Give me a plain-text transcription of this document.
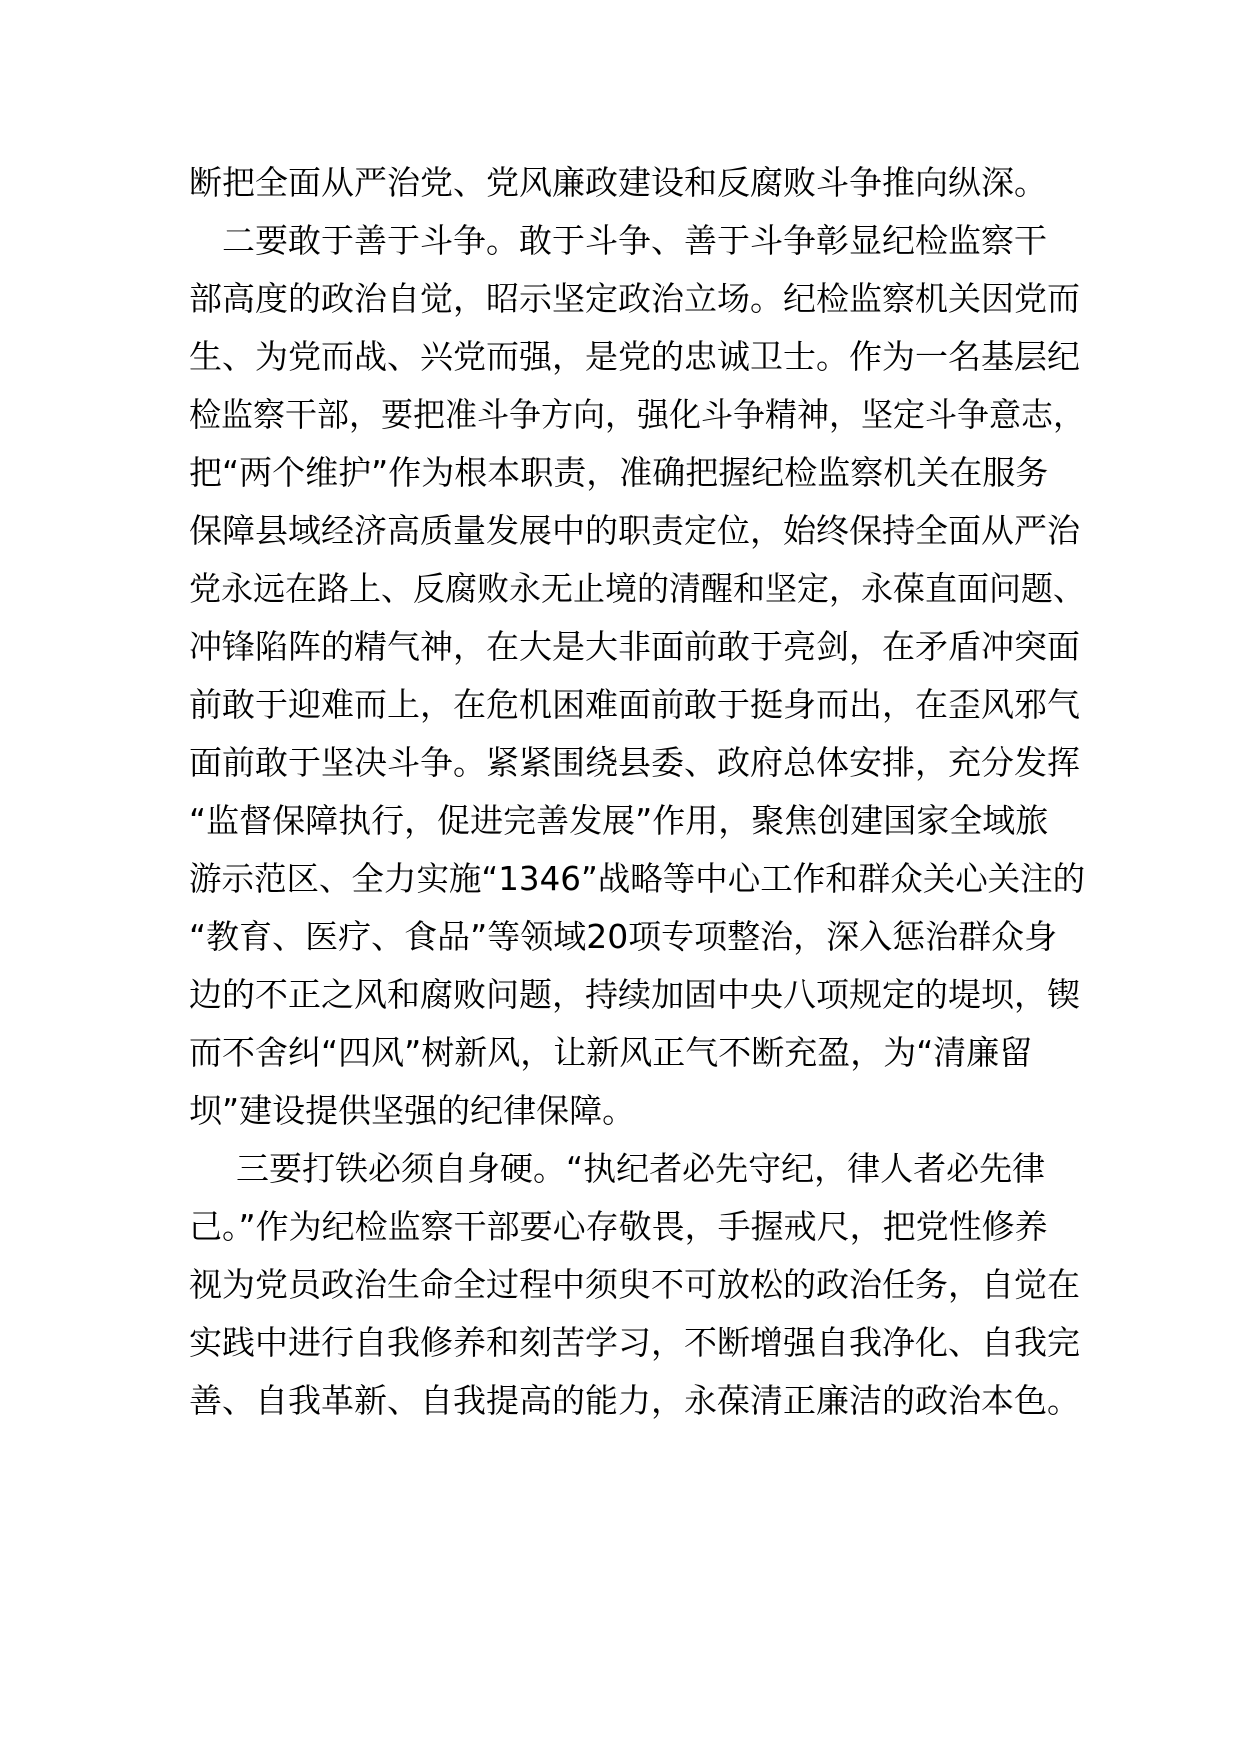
断把全面从严治党、党风廉政建设和反腐败斗争推向纵深。

二要敢于善于斗争。敢于斗争、善于斗争彰显纪检监察干

部高度的政治自觉，昭示坚定政治立场。纪检监察机关因党而

生、为党而战、兴党而强，是党的忠诚卫士。作为一名基层纪

检监察干部，要把准斗争方向，强化斗争精神，坚定斗争意志，

把“两个维护”作为根本职责，准确把握纪检监察机关在服务

保障县域经济高质量发展中的职责定位，始终保持全面从严治

党永远在路上、反腐败永无止境的清醒和坚定，永葆直面问题、

冲锋陷阵的精气神，在大是大非面前敢于亮剑，在矛盾冲突面

前敢于迎难而上，在危机困难面前敢于挺身而出，在歪风邪气

面前敢于坚决斗争。紧紧围绕县委、政府总体安排，充分发挥

“监督保障执行，促进完善发展”作用，聚焦创建国家全域旅

游示范区、全力实施“1346”战略等中心工作和群众关心关注的

“教育、医疗、食品”等领域20项专项整治，深入惩治群众身

边的不正之风和腐败问题，持续加固中央八项规定的堤坝，锲

而不舍纠“四风”树新风，让新风正气不断充盈，为“清廉留

坝”建设提供坚强的纪律保障。

三要打铁必须自身硬。“执纪者必先守纪，律人者必先律

己。”作为纪检监察干部要心存敬畏，手握戒尺，把党性修养

视为党员政治生命全过程中须臾不可放松的政治任务，自觉在

实践中进行自我修养和刻苦学习，不断增强自我净化、自我完

善、自我革新、自我提高的能力，永葆清正廉洁的政治本色。
